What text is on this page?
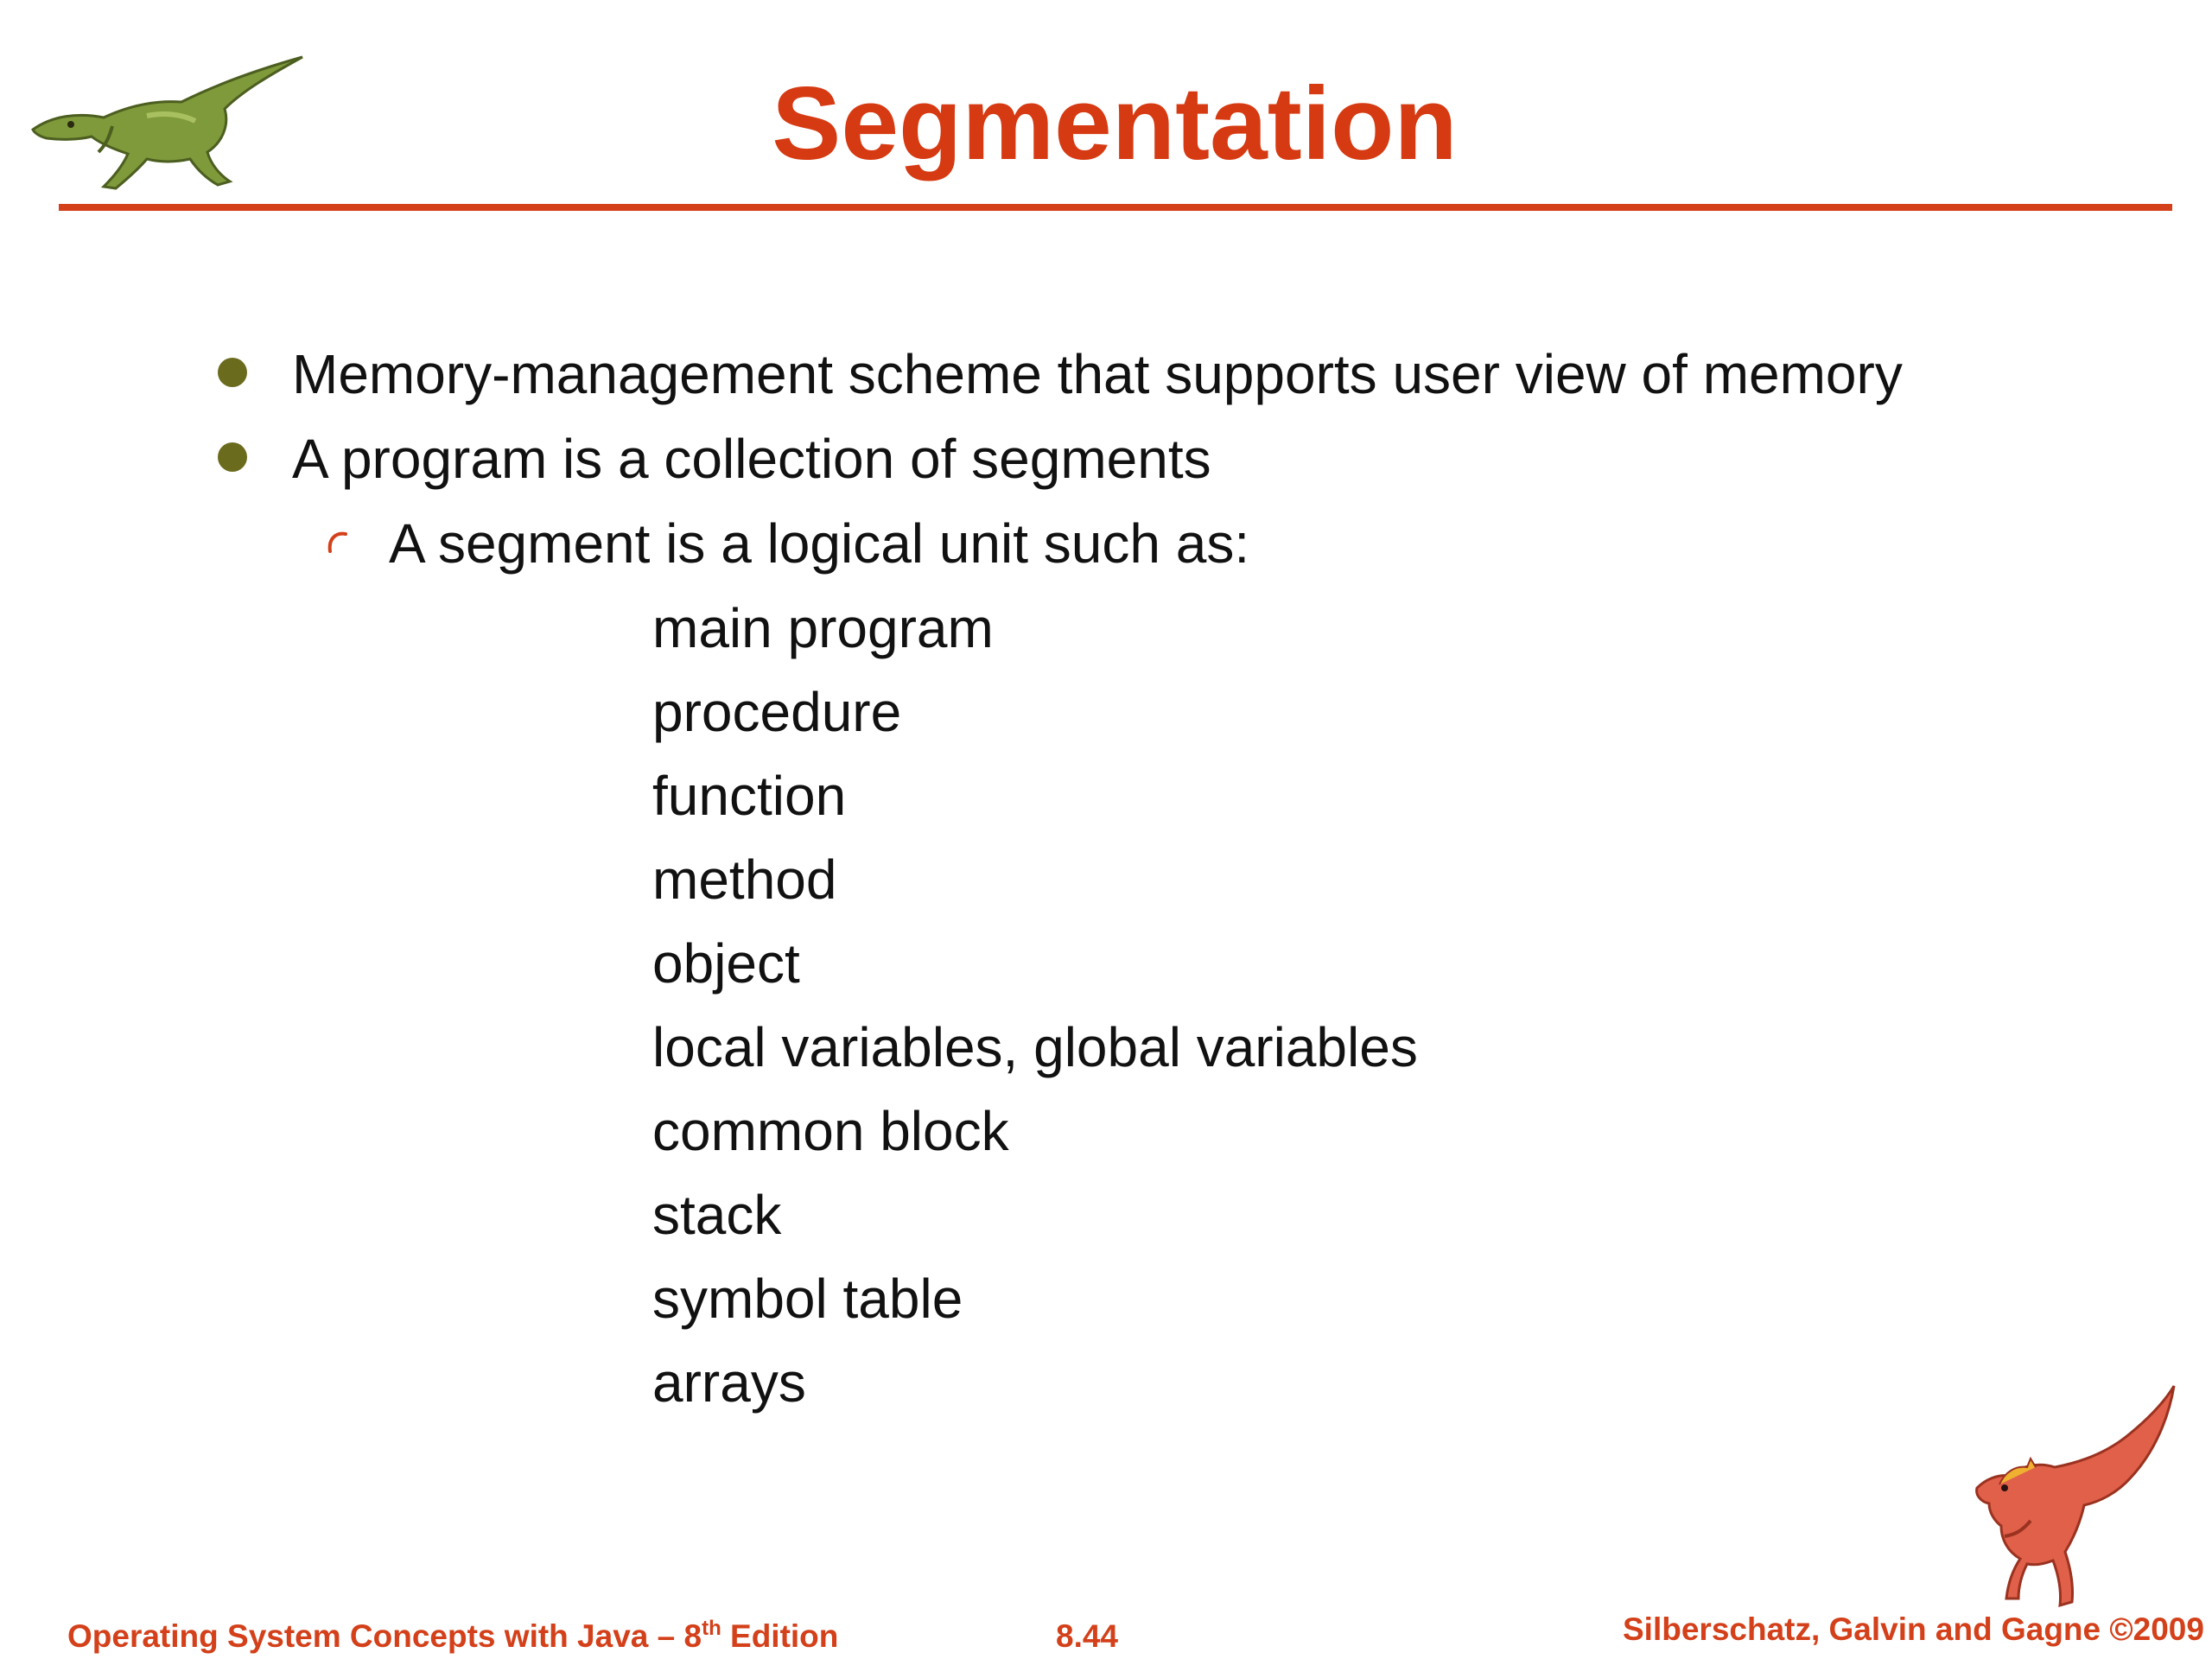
Segmentation
Memory-management scheme that supports user view of memory
A program is a collection of segments
A segment is a logical unit such as:
main program
procedure
function
method
object
local variables, global variables
common block
stack
symbol table
arrays
Operating System Concepts with Java – 8th Edition	8.44	Silberschatz, Galvin and Gagne ©2009
